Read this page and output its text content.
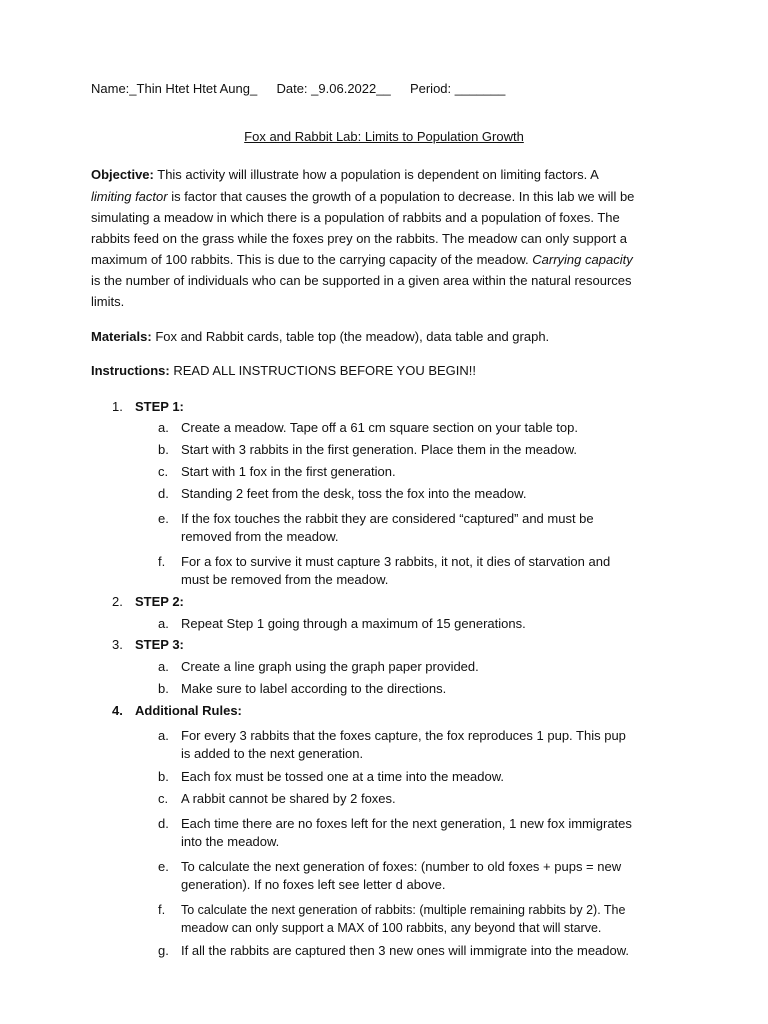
Name:_Thin Htet Htet Aung_ Date: _9.06.2022__ Period: _______
Fox and Rabbit Lab: Limits to Population Growth
Objective: This activity will illustrate how a population is dependent on limiting factors. A
limiting factor is factor that causes the growth of a population to decrease. In this lab we will be
simulating a meadow in which there is a population of rabbits and a population of foxes. The
rabbits feed on the grass while the foxes prey on the rabbits. The meadow can only support a
maximum of 100 rabbits. This is due to the carrying capacity of the meadow. Carrying capacity
is the number of individuals who can be supported in a given area within the natural resources
limits.
Materials: Fox and Rabbit cards, table top (the meadow), data table and graph.
Instructions: READ ALL INSTRUCTIONS BEFORE YOU BEGIN!!
1. STEP 1:
a. Create a meadow. Tape off a 61 cm square section on your table top.
b. Start with 3 rabbits in the first generation. Place them in the meadow.
c. Start with 1 fox in the first generation.
d. Standing 2 feet from the desk, toss the fox into the meadow.
e. If the fox touches the rabbit they are considered “captured” and must be
removed from the meadow.
f. For a fox to survive it must capture 3 rabbits, it not, it dies of starvation and
must be removed from the meadow.
2. STEP 2:
a. Repeat Step 1 going through a maximum of 15 generations.
3. STEP 3:
a. Create a line graph using the graph paper provided.
b. Make sure to label according to the directions.
4. Additional Rules:
a. For every 3 rabbits that the foxes capture, the fox reproduces 1 pup. This pup
is added to the next generation.
b. Each fox must be tossed one at a time into the meadow.
c. A rabbit cannot be shared by 2 foxes.
d. Each time there are no foxes left for the next generation, 1 new fox immigrates
into the meadow.
e. To calculate the next generation of foxes: (number to old foxes + pups = new
generation). If no foxes left see letter d above.
f. To calculate the next generation of rabbits: (multiple remaining rabbits by 2). The
meadow can only support a MAX of 100 rabbits, any beyond that will starve.
g. If all the rabbits are captured then 3 new ones will immigrate into the meadow.
